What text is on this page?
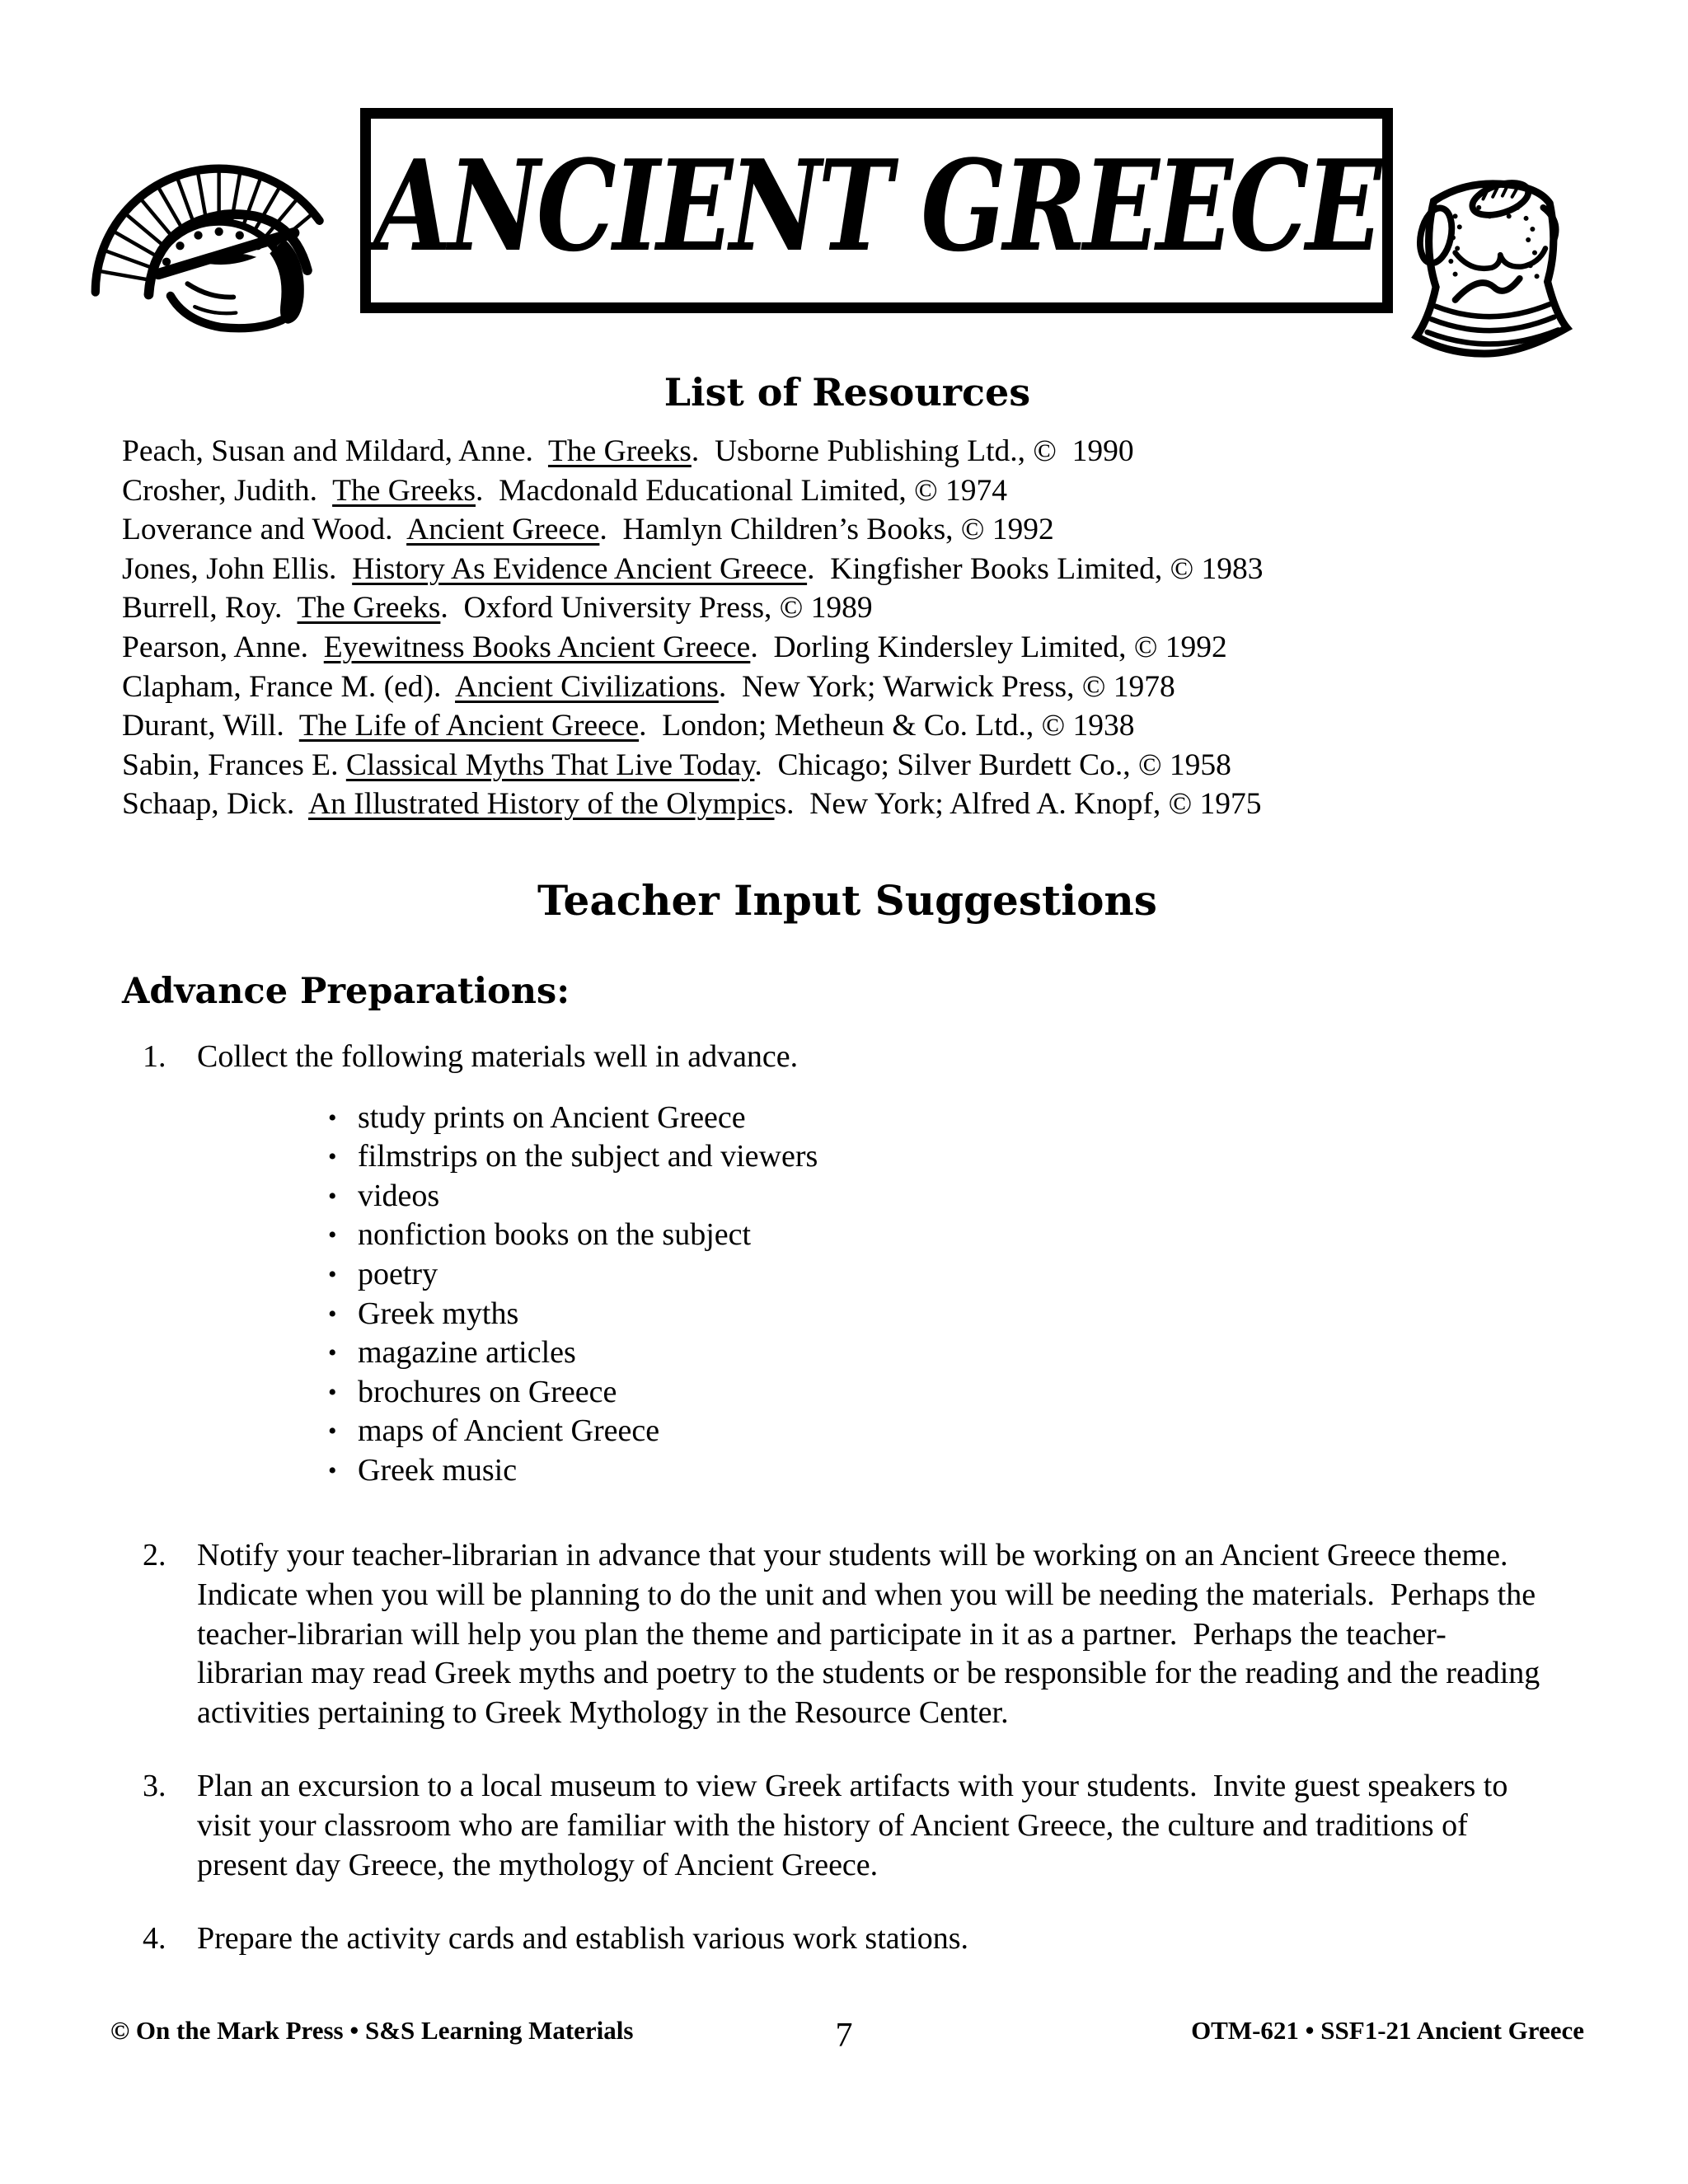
ANCIENT GREECE
List of Resources

Peach, Susan and Mildard, Anne.  The Greeks.  Usborne Publishing Ltd., ©  1990

Crosher, Judith.  The Greeks.  Macdonald Educational Limited, © 1974

Loverance and Wood.  Ancient Greece.  Hamlyn Children’s Books, © 1992

Jones, John Ellis.  History As Evidence Ancient Greece.  Kingfisher Books Limited, © 1983

Burrell, Roy.  The Greeks.  Oxford University Press, © 1989

Pearson, Anne.  Eyewitness Books Ancient Greece.  Dorling Kindersley Limited, © 1992

Clapham, France M. (ed).  Ancient Civilizations.  New York; Warwick Press, © 1978

Durant, Will.  The Life of Ancient Greece.  London; Metheun & Co. Ltd., © 1938

Sabin, Frances E. Classical Myths That Live Today.  Chicago; Silver Burdett Co., © 1958

Schaap, Dick.  An Illustrated History of the Olympics.  New York; Alfred A. Knopf, © 1975

Teacher Input Suggestions
Advance Preparations:
1. Collect the following materials well in advance.
• study prints on Ancient Greece
• filmstrips on the subject and viewers
• videos
• nonfiction books on the subject
• poetry
• Greek myths
• magazine articles
• brochures on Greece
• maps of Ancient Greece
• Greek music
2. Notify your teacher-librarian in advance that your students will be working on an Ancient Greece theme.  Indicate when you will be planning to do the unit and when you will be needing the materials.  Perhaps the teacher-librarian will help you plan the theme and participate in it as a partner.  Perhaps the teacher-librarian may read Greek myths and poetry to the students or be responsible for the reading and the reading activities pertaining to Greek Mythology in the Resource Center.
3. Plan an excursion to a local museum to view Greek artifacts with your students.  Invite guest speakers to visit your classroom who are familiar with the history of Ancient Greece, the culture and traditions of present day Greece, the mythology of Ancient Greece.
4. Prepare the activity cards and establish various work stations.
© On the Mark Press • S&S Learning Materials	7	OTM-621 • SSF1-21 Ancient Greece
